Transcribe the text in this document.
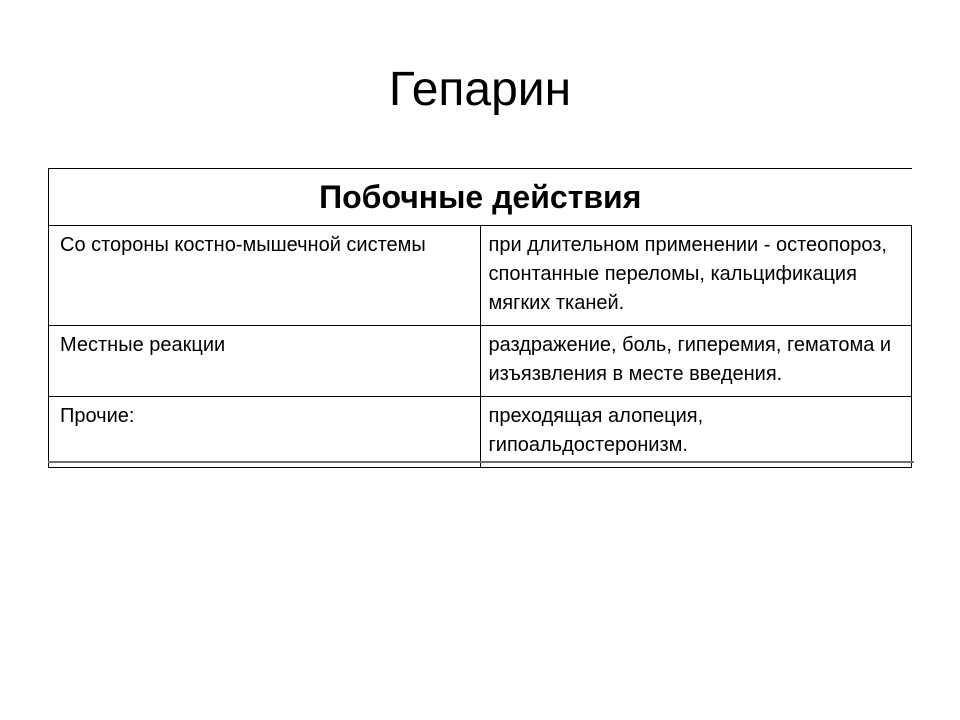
Гепарин
Побочные действия	
Со стороны костно-мышечной системы	при длительном применении - остеопороз, спонтанные переломы, кальцификация мягких тканей.
Местные реакции	раздражение, боль, гиперемия, гематома и изъязвления в месте введения.
Прочие:	преходящая алопеция, гипоальдостеронизм.
